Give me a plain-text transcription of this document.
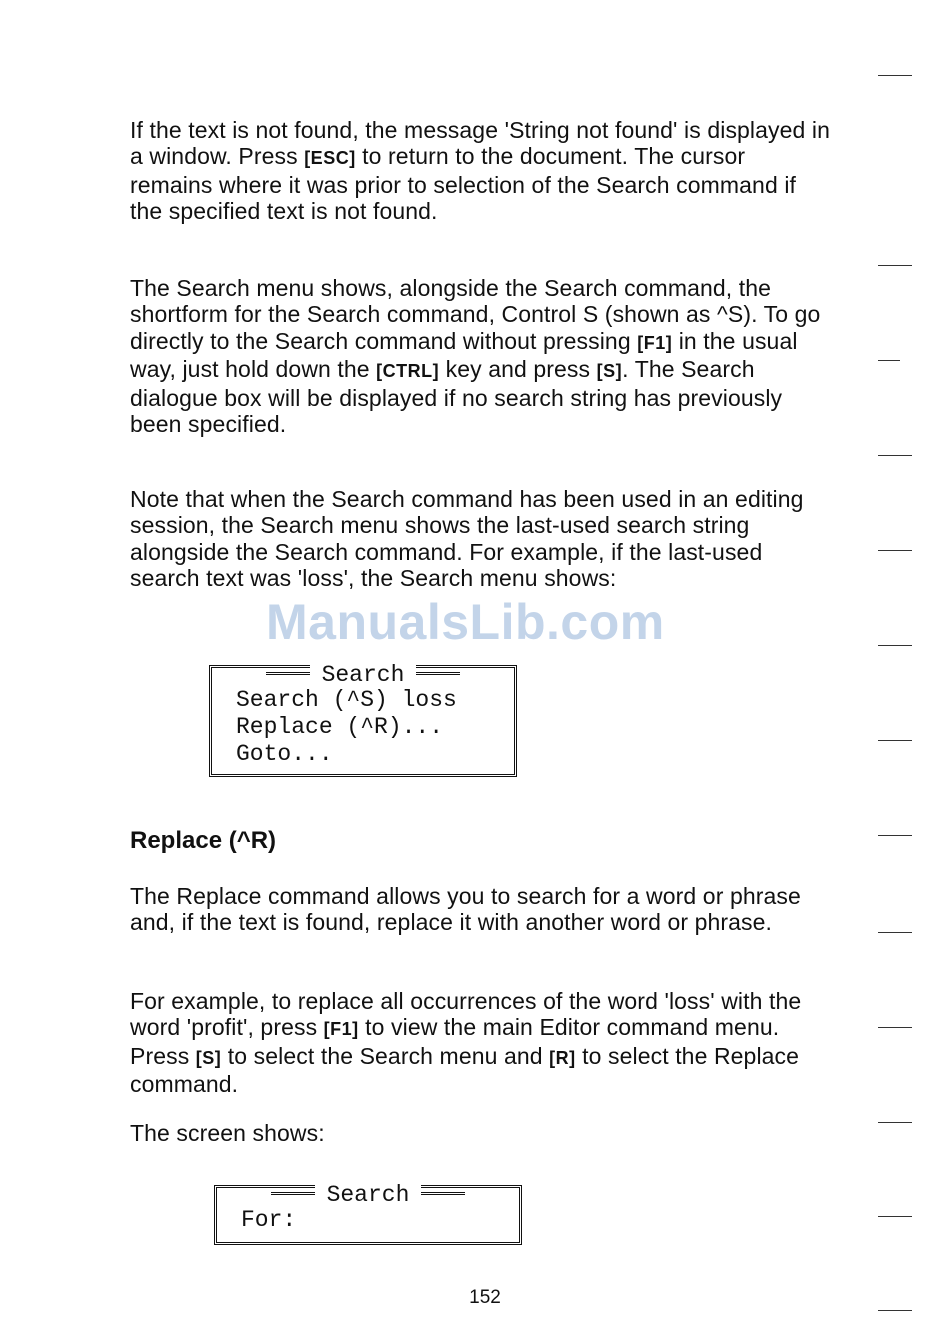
If the text is not found, the message 'String not found' is displayed in a window. Press [ESC] to return to the document. The cursor remains where it was prior to selection of the Search command if the specified text is not found.

The Search menu shows, alongside the Search command, the shortform for the Search command, Control S (shown as ^S). To go directly to the Search command without pressing [F1] in the usual way, just hold down the [CTRL] key and press [S]. The Search dialogue box will be displayed if no search string has previously been specified.

Note that when the Search command has been used in an editing session, the Search menu shows the last-used search string alongside the Search command. For example, if the last-used search text was 'loss', the Search menu shows:

ManualsLib.com
Search
Search (^S) loss
Replace (^R)...
Goto...
Replace (^R)

The Replace command allows you to search for a word or phrase and, if the text is found, replace it with another word or phrase.

For example, to replace all occurrences of the word 'loss' with the word 'profit', press [F1] to view the main Editor command menu. Press [S] to select the Search menu and [R] to select the Replace command.

The screen shows:

Search
For:
152
